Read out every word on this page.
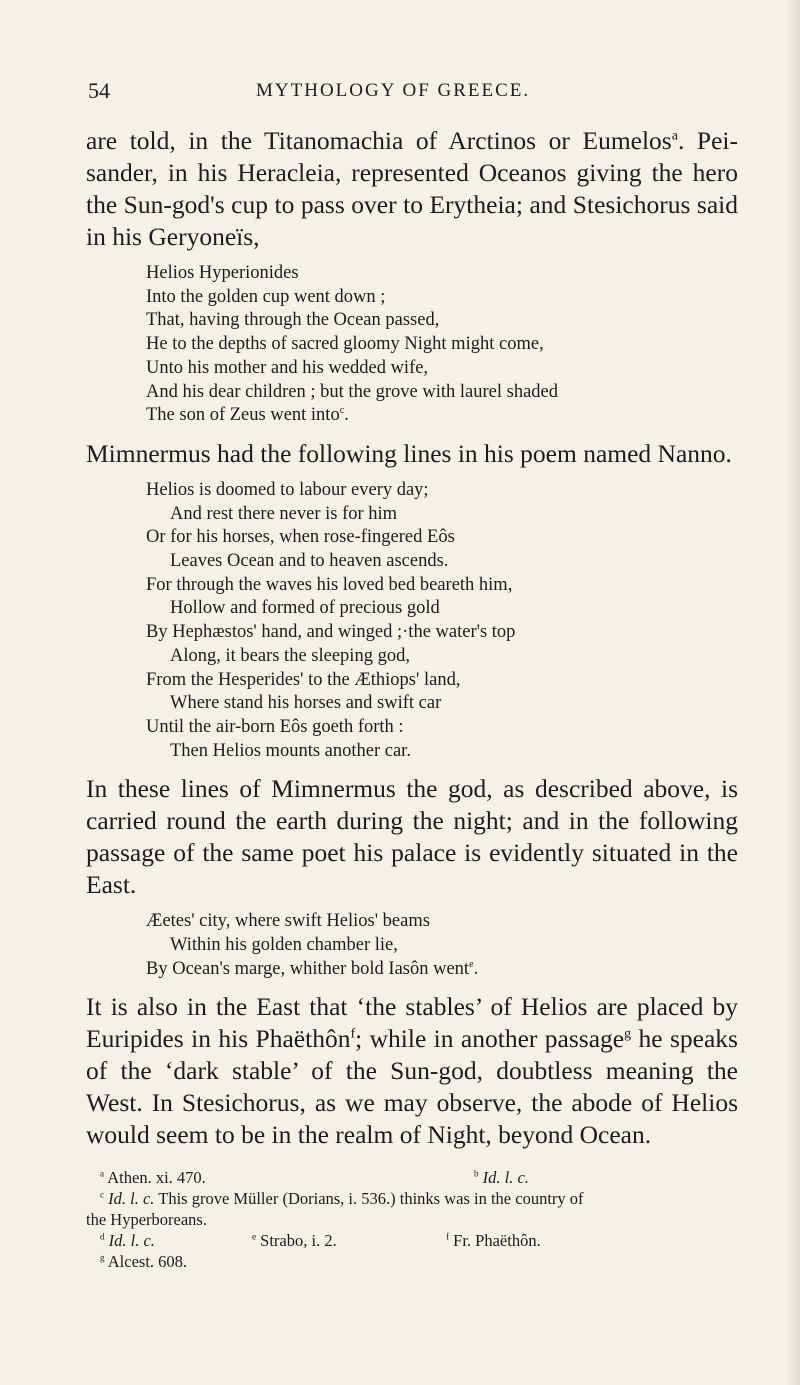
54	MYTHOLOGY OF GREECE.

are told, in the Titanomachia of Arctinos or Eumelos$^a$. Pei-sander, in his Heracleia, represented Oceanos giving the hero the Sun-god's cup to pass over to Erytheia; and Stesichorus said in his Geryoneïs,

Helios Hyperionides
Into the golden cup went down ;
That, having through the Ocean passed,
He to the depths of sacred gloomy Night might come,
Unto his mother and his wedded wife,
And his dear children ; but the grove with laurel shaded
The son of Zeus went into$^c$.

Mimnermus had the following lines in his poem named Nanno.

Helios is doomed to labour every day;
And rest there never is for him
Or for his horses, when rose-fingered Eôs
Leaves Ocean and to heaven ascends.
For through the waves his loved bed beareth him,
Hollow and formed of precious gold
By Hephæstos' hand, and winged ;·the water's top
Along, it bears the sleeping god,
From the Hesperides' to the Æthiops' land,
Where stand his horses and swift car
Until the air-born Eôs goeth forth :
Then Helios mounts another car.

In these lines of Mimnermus the god, as described above, is carried round the earth during the night; and in the following passage of the same poet his palace is evidently situated in the East.

Æetes' city, where swift Helios' beams
Within his golden chamber lie,
By Ocean's marge, whither bold Iasôn went$^e$.

It is also in the East that ‘the stables’ of Helios are placed by Euripides in his Phaëthôn$^f$; while in another passage$^g$ he speaks of the ‘dark stable’ of the Sun-god, doubtless meaning the West. In Stesichorus, as we may observe, the abode of Helios would seem to be in the realm of Night, beyond Ocean.

$^a$ Athen. xi. 470.	$^b$ Id. l. c.
$^c$ Id. l. c. This grove Müller (Dorians, i. 536.) thinks was in the country of
the Hyperboreans.
$^d$ Id. l. c.	$^e$ Strabo, i. 2.	$^f$ Fr. Phaëthôn.
$^g$ Alcest. 608.
